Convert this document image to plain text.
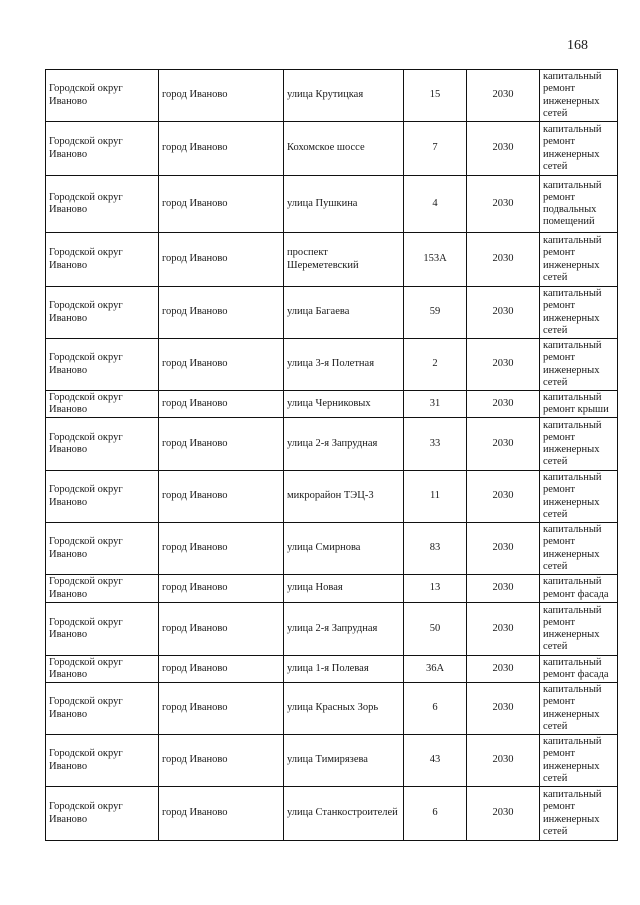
168
Городской округ Иваново	город Иваново	улица Крутицкая	15	2030	капитальный ремонт инженерных сетей
Городской округ Иваново	город Иваново	Кохомское шоссе	7	2030	капитальный ремонт инженерных сетей
Городской округ Иваново	город Иваново	улица Пушкина	4	2030	капитальный ремонт подвальных помещений
Городской округ Иваново	город Иваново	проспект Шереметевский	153А	2030	капитальный ремонт инженерных сетей
Городской округ Иваново	город Иваново	улица Багаева	59	2030	капитальный ремонт инженерных сетей
Городской округ Иваново	город Иваново	улица 3-я Полетная	2	2030	капитальный ремонт инженерных сетей
Городской округ Иваново	город Иваново	улица Черниковых	31	2030	капитальный ремонт крыши
Городской округ Иваново	город Иваново	улица 2-я Запрудная	33	2030	капитальный ремонт инженерных сетей
Городской округ Иваново	город Иваново	микрорайон ТЭЦ-3	11	2030	капитальный ремонт инженерных сетей
Городской округ Иваново	город Иваново	улица Смирнова	83	2030	капитальный ремонт инженерных сетей
Городской округ Иваново	город Иваново	улица Новая	13	2030	капитальный ремонт фасада
Городской округ Иваново	город Иваново	улица 2-я Запрудная	50	2030	капитальный ремонт инженерных сетей
Городской округ Иваново	город Иваново	улица 1-я Полевая	36А	2030	капитальный ремонт фасада
Городской округ Иваново	город Иваново	улица Красных Зорь	6	2030	капитальный ремонт инженерных сетей
Городской округ Иваново	город Иваново	улица Тимирязева	43	2030	капитальный ремонт инженерных сетей
Городской округ Иваново	город Иваново	улица Станкостроителей	6	2030	капитальный ремонт инженерных сетей
